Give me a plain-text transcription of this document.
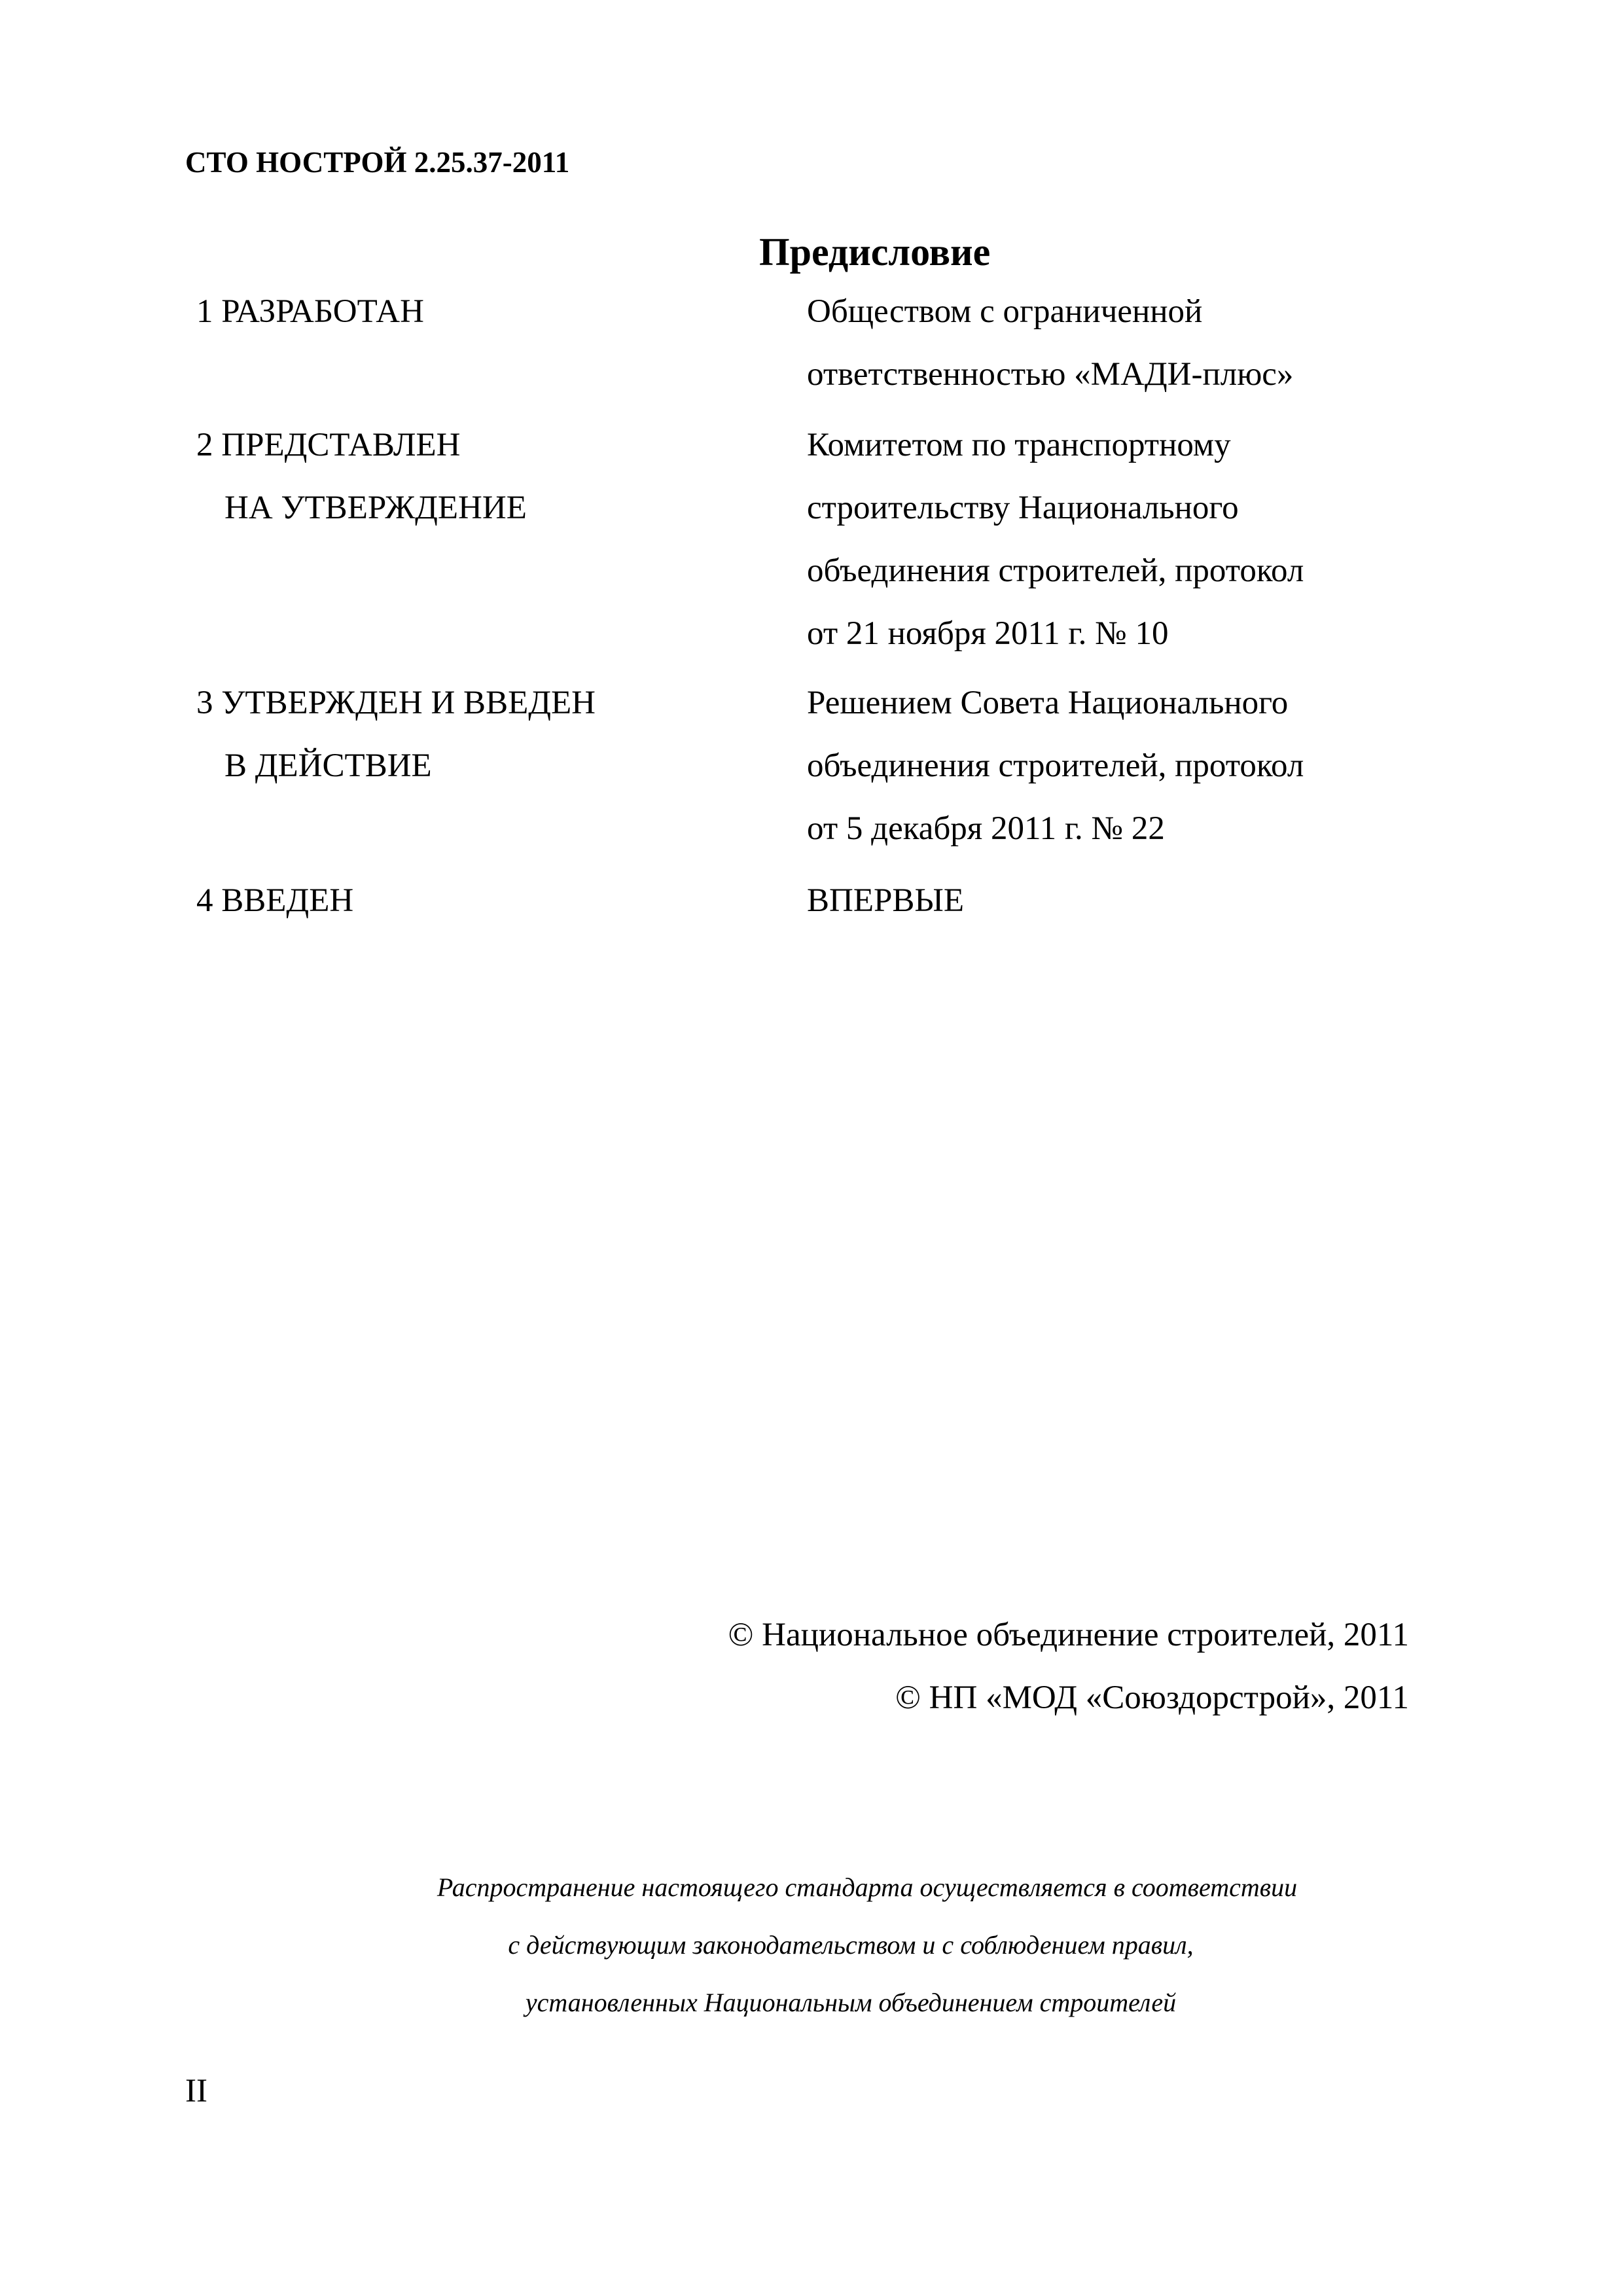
СТО НОСТРОЙ 2.25.37-2011
Предисловие
1 РАЗРАБОТАН	Обществом с ограниченной
ответственностью «МАДИ-плюс»
2 ПРЕДСТАВЛЕН
НА УТВЕРЖДЕНИЕ
Комитетом по транспортному
строительству Национального
объединения строителей, протокол
от 21 ноября 2011 г. № 10
3 УТВЕРЖДЕН И ВВЕДЕН
В ДЕЙСТВИЕ
Решением Совета Национального
объединения строителей, протокол
от 5 декабря 2011 г. № 22
4 ВВЕДЕН	ВПЕРВЫЕ
© Национальное объединение строителей, 2011
© НП «МОД «Союздорстрой», 2011
Распространение настоящего стандарта осуществляется в соответствии
с действующим законодательством и с соблюдением правил,
установленных Национальным объединением строителей
II
